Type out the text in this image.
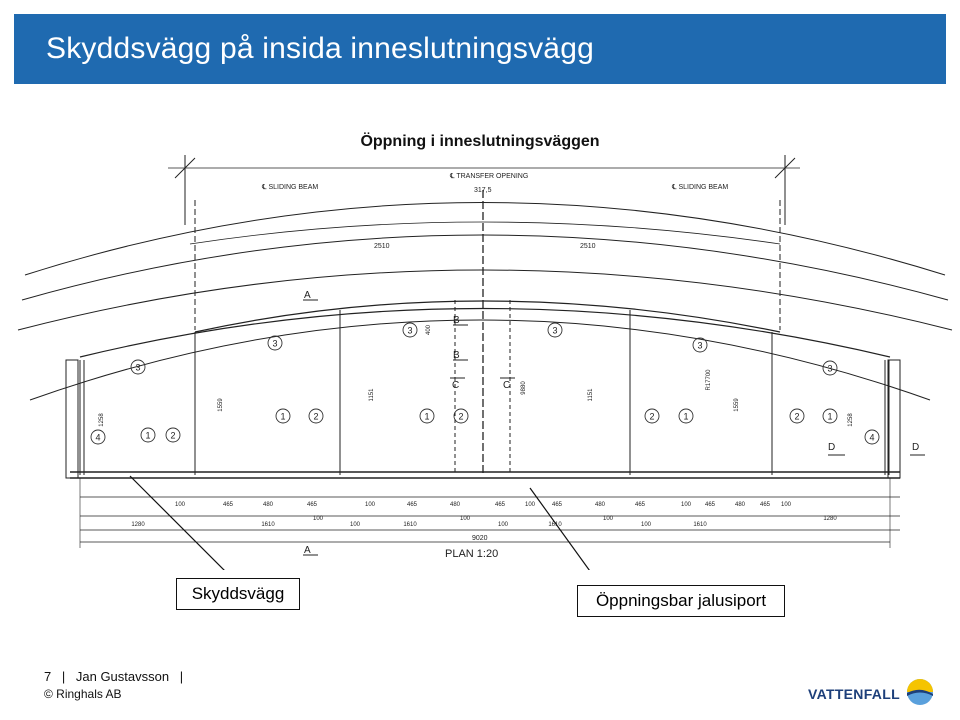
Skyddsvägg på insida inneslutningsvägg
Öppning i inneslutningsväggen
℄ SLIDING BEAM
℄ TRANSFER OPENING
℄ SLIDING BEAM
317,5
2510	2510
PLAN 1:20
9020
A
A
B
B
C	C
D	D
3
3
3	3
3
3
4	1 2
1	2	1	2	2	1	2	1
4
1258
1559
1151
400
9880
1151
1559
R17700
1258
100	465	480	465	100	465	480	465	100	465	480	465	100 465	480 465 100
1280	1610
100
100	1610
100
100	1610
100
100	1610
1280
Skyddsvägg	Öppningsbar jalusiport
7 | Jan Gustavsson |
© Ringhals AB	VATTENFALL
